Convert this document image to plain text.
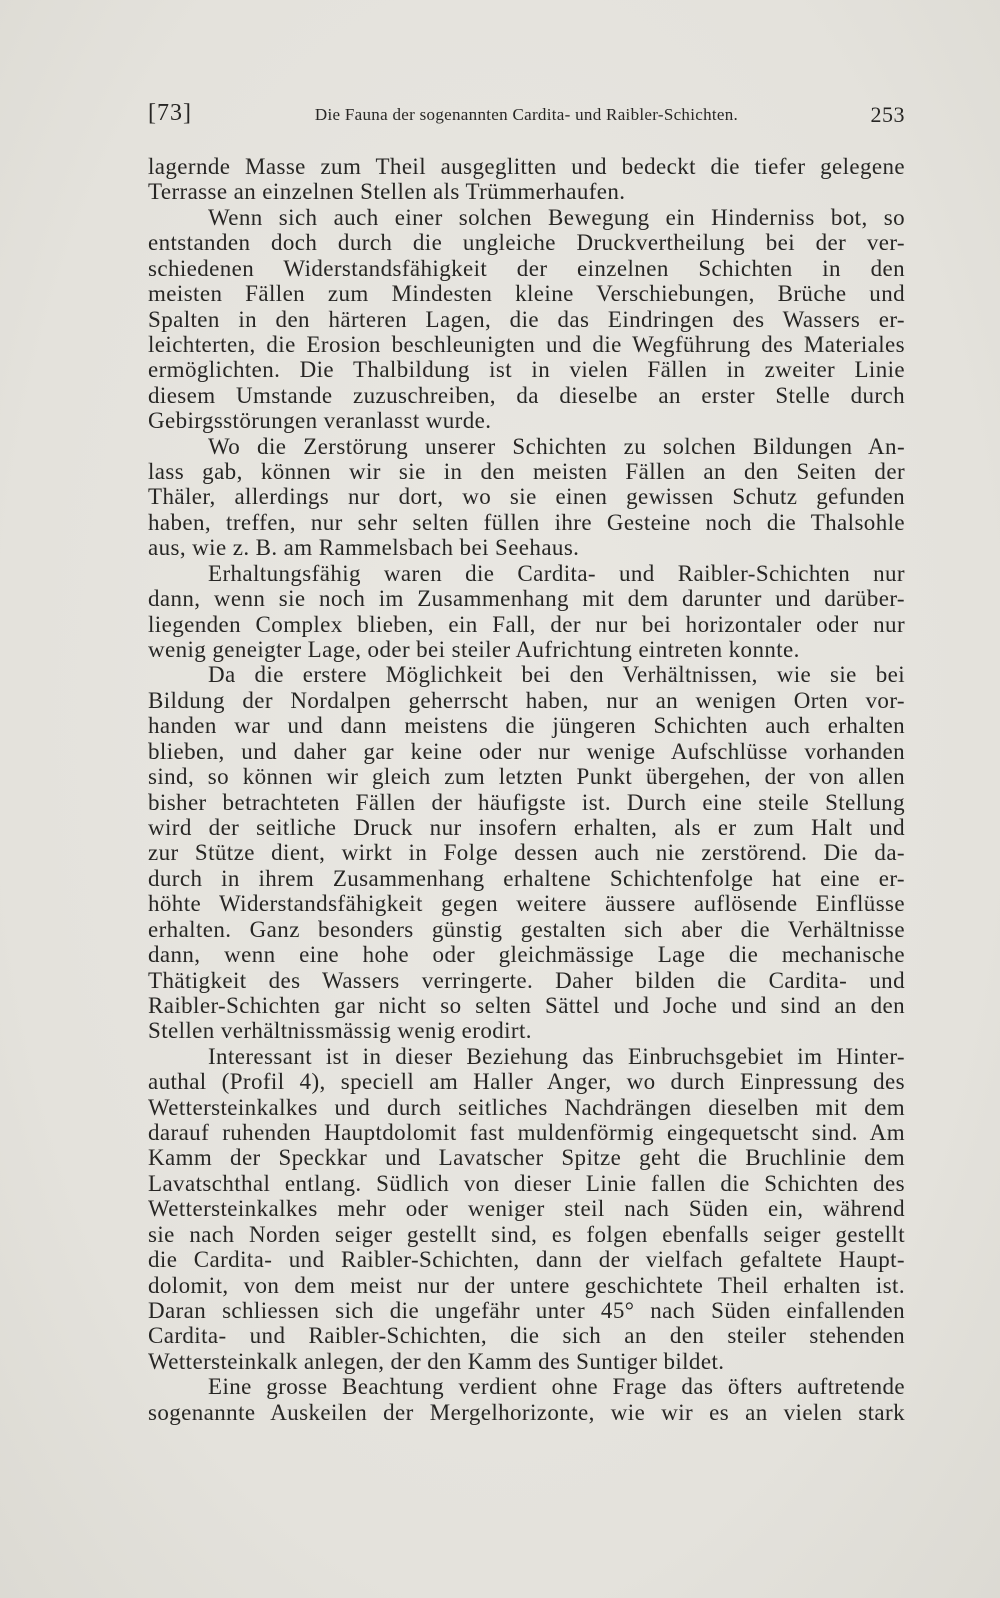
[73]	Die Fauna der sogenannten Cardita- und Raibler-Schichten.	253
lagernde Masse zum Theil ausgeglitten und bedeckt die tiefer gelegene
Terrasse an einzelnen Stellen als Trümmerhaufen.
Wenn sich auch einer solchen Bewegung ein Hinderniss bot, so
entstanden doch durch die ungleiche Druckvertheilung bei der ver-
schiedenen Widerstandsfähigkeit der einzelnen Schichten in den
meisten Fällen zum Mindesten kleine Verschiebungen, Brüche und
Spalten in den härteren Lagen, die das Eindringen des Wassers er-
leichterten, die Erosion beschleunigten und die Wegführung des Materiales
ermöglichten. Die Thalbildung ist in vielen Fällen in zweiter Linie
diesem Umstande zuzuschreiben, da dieselbe an erster Stelle durch
Gebirgsstörungen veranlasst wurde.
Wo die Zerstörung unserer Schichten zu solchen Bildungen An-
lass gab, können wir sie in den meisten Fällen an den Seiten der
Thäler, allerdings nur dort, wo sie einen gewissen Schutz gefunden
haben, treffen, nur sehr selten füllen ihre Gesteine noch die Thalsohle
aus, wie z. B. am Rammelsbach bei Seehaus.
Erhaltungsfähig waren die Cardita- und Raibler-Schichten nur
dann, wenn sie noch im Zusammenhang mit dem darunter und darüber-
liegenden Complex blieben, ein Fall, der nur bei horizontaler oder nur
wenig geneigter Lage, oder bei steiler Aufrichtung eintreten konnte.
Da die erstere Möglichkeit bei den Verhältnissen, wie sie bei
Bildung der Nordalpen geherrscht haben, nur an wenigen Orten vor-
handen war und dann meistens die jüngeren Schichten auch erhalten
blieben, und daher gar keine oder nur wenige Aufschlüsse vorhanden
sind, so können wir gleich zum letzten Punkt übergehen, der von allen
bisher betrachteten Fällen der häufigste ist. Durch eine steile Stellung
wird der seitliche Druck nur insofern erhalten, als er zum Halt und
zur Stütze dient, wirkt in Folge dessen auch nie zerstörend. Die da-
durch in ihrem Zusammenhang erhaltene Schichtenfolge hat eine er-
höhte Widerstandsfähigkeit gegen weitere äussere auflösende Einflüsse
erhalten. Ganz besonders günstig gestalten sich aber die Verhältnisse
dann, wenn eine hohe oder gleichmässige Lage die mechanische
Thätigkeit des Wassers verringerte. Daher bilden die Cardita- und
Raibler-Schichten gar nicht so selten Sättel und Joche und sind an den
Stellen verhältnissmässig wenig erodirt.
Interessant ist in dieser Beziehung das Einbruchsgebiet im Hinter-
authal (Profil 4), speciell am Haller Anger, wo durch Einpressung des
Wettersteinkalkes und durch seitliches Nachdrängen dieselben mit dem
darauf ruhenden Hauptdolomit fast muldenförmig eingequetscht sind. Am
Kamm der Speckkar und Lavatscher Spitze geht die Bruchlinie dem
Lavatschthal entlang. Südlich von dieser Linie fallen die Schichten des
Wettersteinkalkes mehr oder weniger steil nach Süden ein, während
sie nach Norden seiger gestellt sind, es folgen ebenfalls seiger gestellt
die Cardita- und Raibler-Schichten, dann der vielfach gefaltete Haupt-
dolomit, von dem meist nur der untere geschichtete Theil erhalten ist.
Daran schliessen sich die ungefähr unter 45° nach Süden einfallenden
Cardita- und Raibler-Schichten, die sich an den steiler stehenden
Wettersteinkalk anlegen, der den Kamm des Suntiger bildet.
Eine grosse Beachtung verdient ohne Frage das öfters auftretende
sogenannte Auskeilen der Mergelhorizonte, wie wir es an vielen stark
